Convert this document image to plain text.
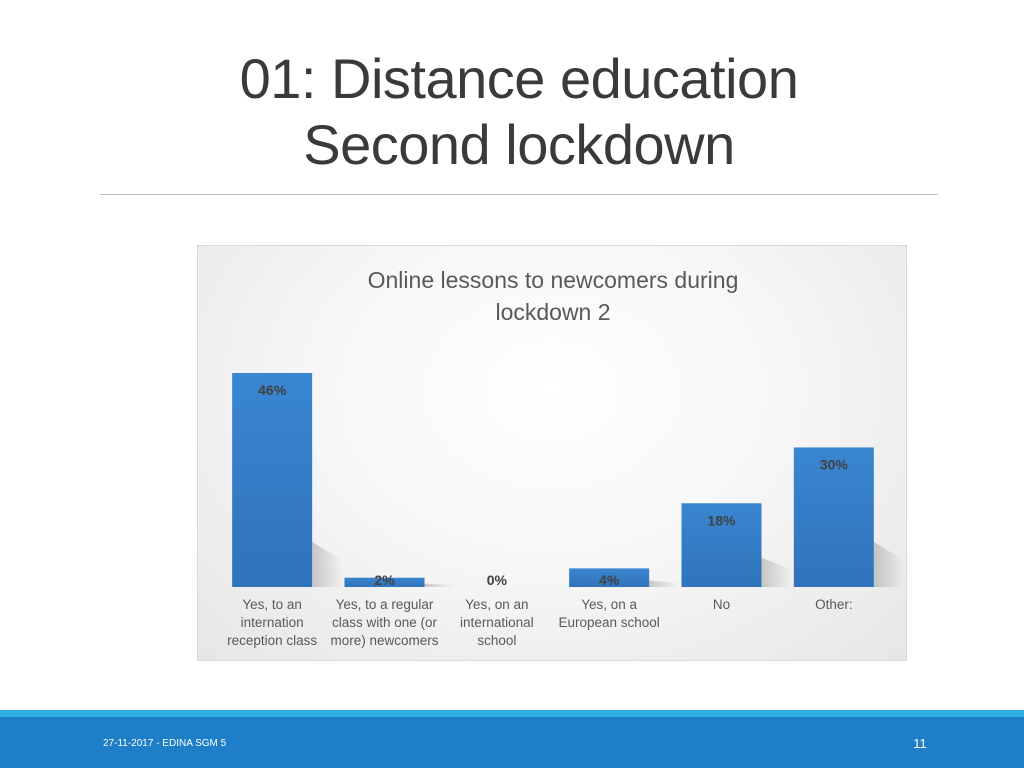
01: Distance education
Second lockdown
Online lessons to newcomers during
lockdown 2
46%
2%	0%	4%
18%
30%
Yes, to an
internation
reception class
Yes, to a regular
class with one (or
more) newcomers
Yes, on an
international
school
Yes, on a
European school
No	Other:
27-11-2017 - EDINA SGM 5	11
